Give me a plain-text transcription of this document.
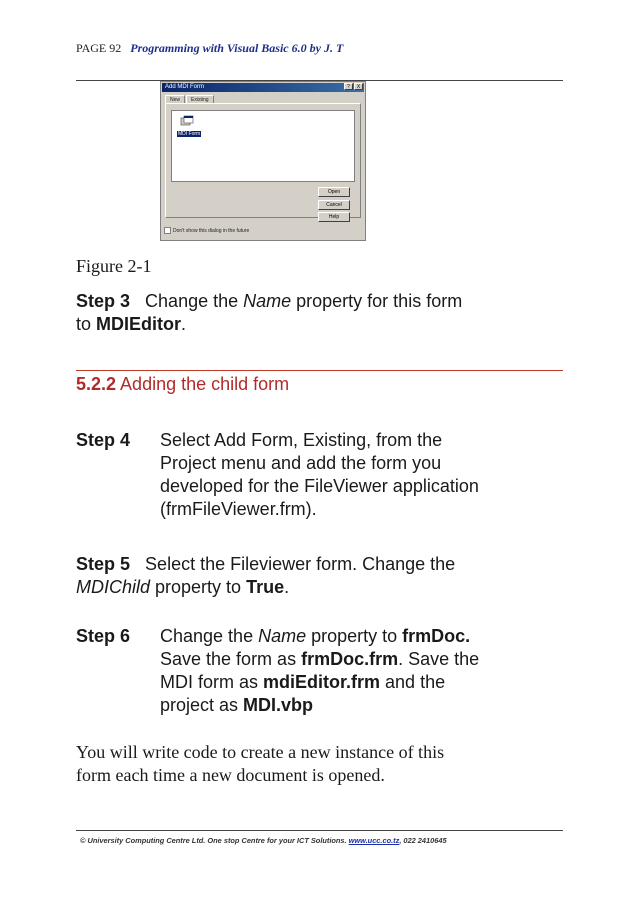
PAGE 92 Programming with Visual Basic 6.0 by J. T
Add MDI Form	?	X
New	Existing
MDI Form
Open
Cancel
Help
Don't show this dialog in the future
Figure 2-1
Step 3 Change the Name property for this form
to MDIEditor.
5.2.2 Adding the child form
Step 4 Select Add Form, Existing, from the
Project menu and add the form you
developed for the FileViewer application
(frmFileViewer.frm).
Step 5 Select the Fileviewer form. Change the
MDIChild property to True.
Step 6 Change the Name property to frmDoc.
Save the form as frmDoc.frm. Save the
MDI form as mdiEditor.frm and the
project as MDI.vbp
You will write code to create a new instance of this
form each time a new document is opened.
© University Computing Centre Ltd. One stop Centre for your ICT Solutions. www.ucc.co.tz, 022 2410645
